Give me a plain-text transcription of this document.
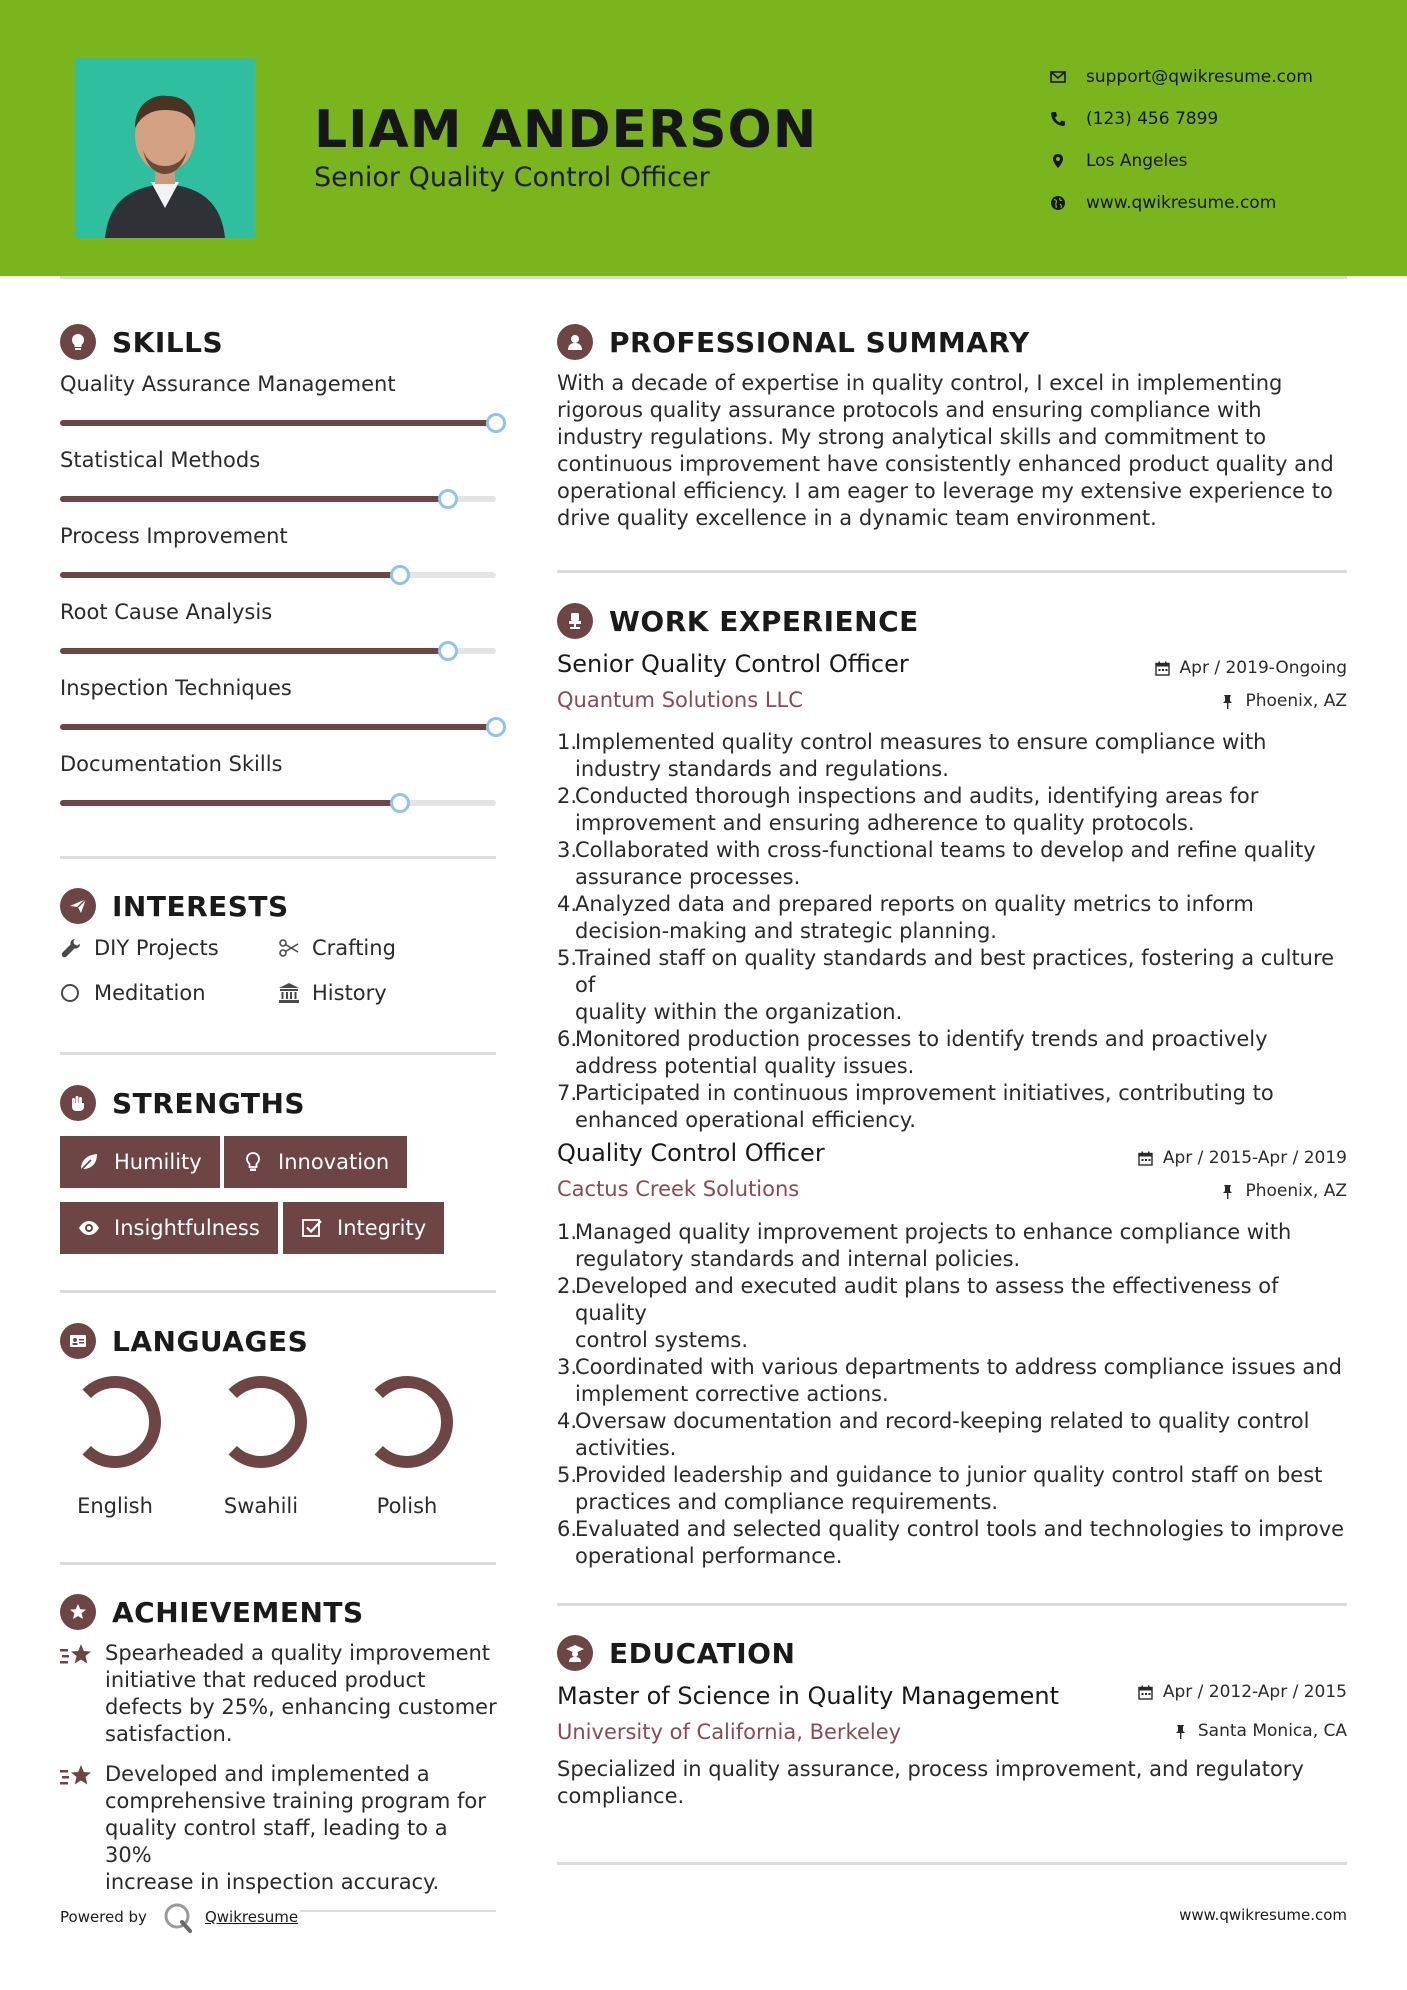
LIAM ANDERSON
Senior Quality Control Officer
support@qwikresume.com
(123) 456 7899
Los Angeles
www.qwikresume.com
SKILLS
Quality Assurance Management
Statistical Methods
Process Improvement
Root Cause Analysis
Inspection Techniques
Documentation Skills
INTERESTS
DIY Projects	Crafting
Meditation	History
STRENGTHS
Humility	Innovation
Insightfulness	Integrity
LANGUAGES
English	Swahili	Polish
ACHIEVEMENTS
Spearheaded a quality improvement
initiative that reduced product
defects by 25%, enhancing customer
satisfaction.
Developed and implemented a
comprehensive training program for
quality control staff, leading to a 30%
increase in inspection accuracy.
PROFESSIONAL SUMMARY
With a decade of expertise in quality control, I excel in implementing
rigorous quality assurance protocols and ensuring compliance with
industry regulations. My strong analytical skills and commitment to
continuous improvement have consistently enhanced product quality and
operational efficiency. I am eager to leverage my extensive experience to
drive quality excellence in a dynamic team environment.
WORK EXPERIENCE
Senior Quality Control Officer	Apr / 2019-Ongoing
Quantum Solutions LLC	Phoenix, AZ
1.
Implemented quality control measures to ensure compliance with
industry standards and regulations.
2.
Conducted thorough inspections and audits, identifying areas for
improvement and ensuring adherence to quality protocols.
3.
Collaborated with cross-functional teams to develop and refine quality
assurance processes.
4.
Analyzed data and prepared reports on quality metrics to inform
decision-making and strategic planning.
5.
Trained staff on quality standards and best practices, fostering a culture of
quality within the organization.
6.
Monitored production processes to identify trends and proactively
address potential quality issues.
7.
Participated in continuous improvement initiatives, contributing to
enhanced operational efficiency.
Quality Control Officer	Apr / 2015-Apr / 2019
Cactus Creek Solutions	Phoenix, AZ
1.
Managed quality improvement projects to enhance compliance with
regulatory standards and internal policies.
2.
Developed and executed audit plans to assess the effectiveness of quality
control systems.
3.
Coordinated with various departments to address compliance issues and
implement corrective actions.
4.
Oversaw documentation and record-keeping related to quality control
activities.
5.
Provided leadership and guidance to junior quality control staff on best
practices and compliance requirements.
6.
Evaluated and selected quality control tools and technologies to improve
operational performance.
EDUCATION
Master of Science in Quality Management	Apr / 2012-Apr / 2015
University of California, Berkeley	Santa Monica, CA
Specialized in quality assurance, process improvement, and regulatory
compliance.
Powered by	Qwikresume	www.qwikresume.com
